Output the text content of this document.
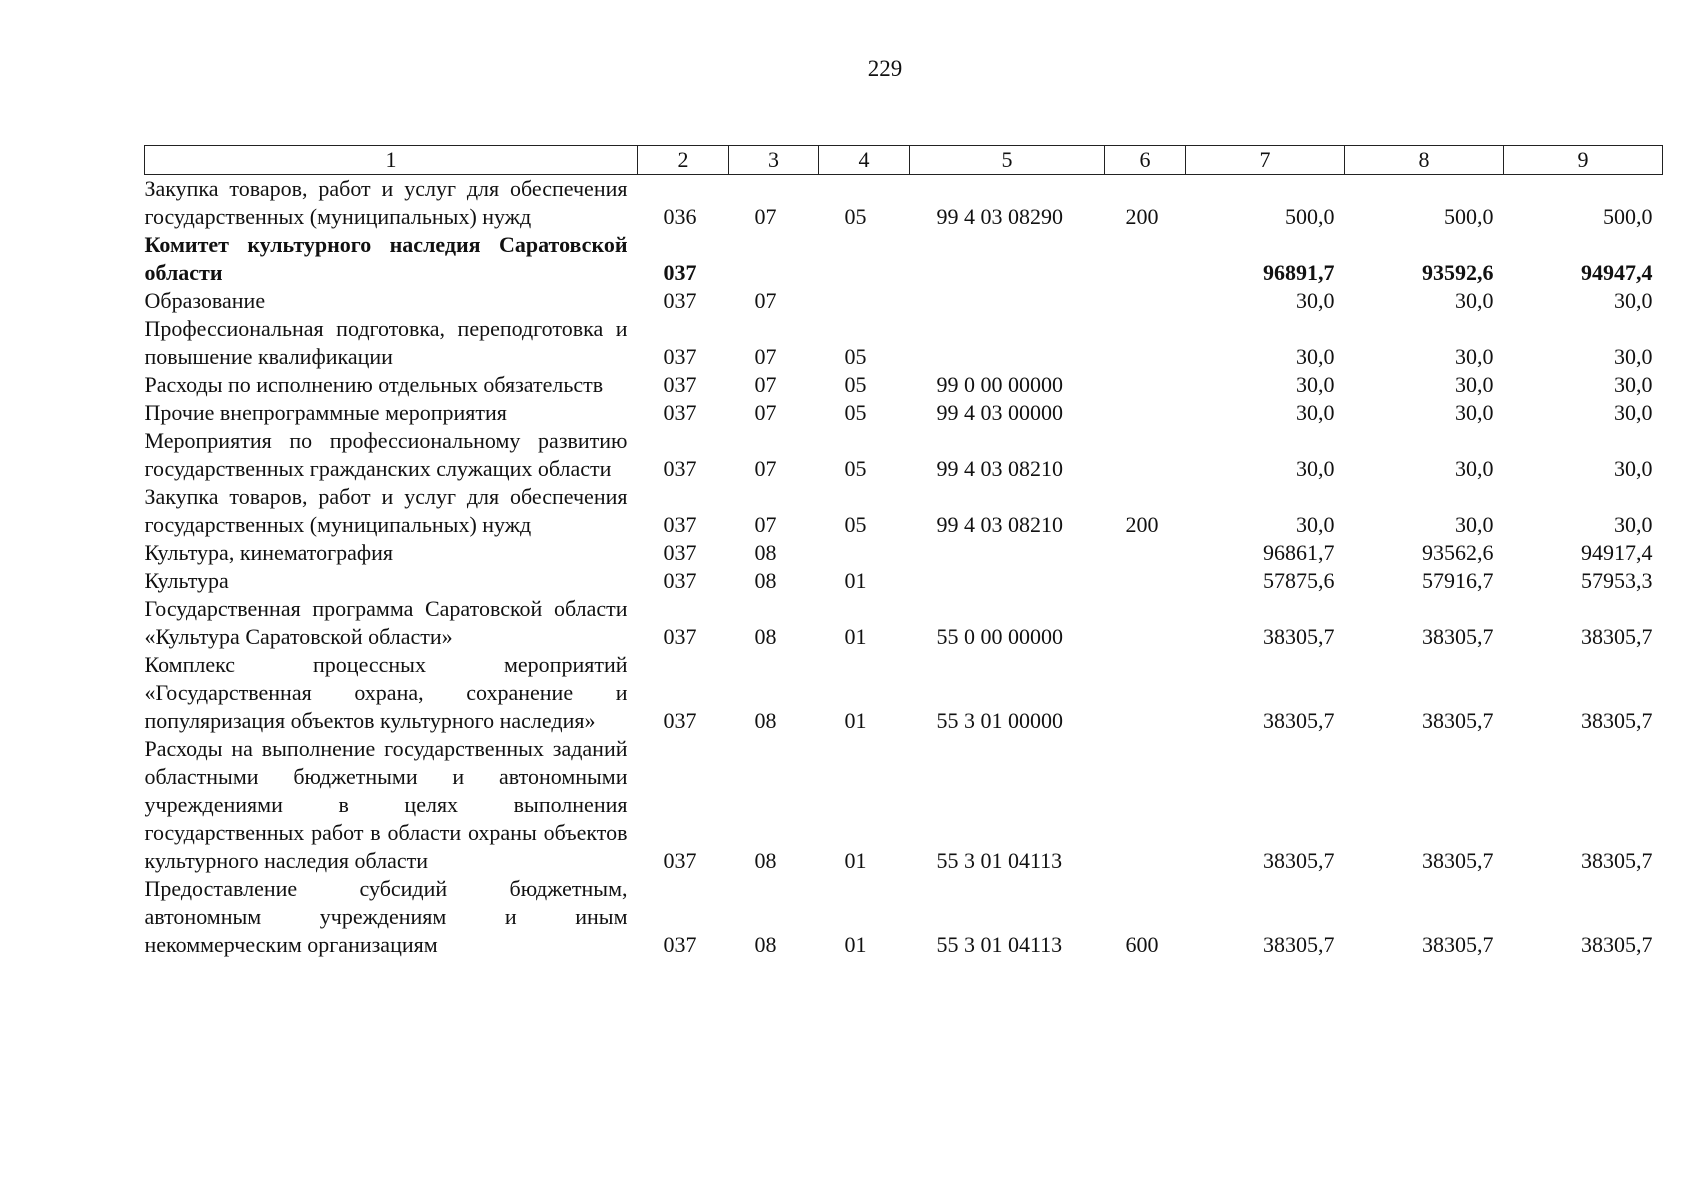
229
1	2	3	4	5	6	7	8	9
Закупка товаров, работ и услуг для обеспечения государственных (муниципальных) нужд	036	07	05	99 4 03 08290	200	500,0	500,0	500,0
Комитет культурного наследия Саратовской области	037					96891,7	93592,6	94947,4
Образование	037	07				30,0	30,0	30,0
Профессиональная подготовка, переподготовка и повышение квалификации	037	07	05			30,0	30,0	30,0
Расходы по исполнению отдельных обязательств	037	07	05	99 0 00 00000		30,0	30,0	30,0
Прочие внепрограммные мероприятия	037	07	05	99 4 03 00000		30,0	30,0	30,0
Мероприятия по профессиональному развитию государственных гражданских служащих области	037	07	05	99 4 03 08210		30,0	30,0	30,0
Закупка товаров, работ и услуг для обеспечения государственных (муниципальных) нужд	037	07	05	99 4 03 08210	200	30,0	30,0	30,0
Культура, кинематография	037	08				96861,7	93562,6	94917,4
Культура	037	08	01			57875,6	57916,7	57953,3
Государственная программа Саратовской области «Культура Саратовской области»	037	08	01	55 0 00 00000		38305,7	38305,7	38305,7
Комплекс процессных мероприятий «Государственная охрана, сохранение и популяризация объектов культурного наследия»	037	08	01	55 3 01 00000		38305,7	38305,7	38305,7
Расходы на выполнение государственных заданий областными бюджетными и автономными учреждениями в целях выполнения государственных работ в области охраны объектов культурного наследия области	037	08	01	55 3 01 04113		38305,7	38305,7	38305,7
Предоставление субсидий бюджетным, автономным учреждениям и иным некоммерческим организациям	037	08	01	55 3 01 04113	600	38305,7	38305,7	38305,7
